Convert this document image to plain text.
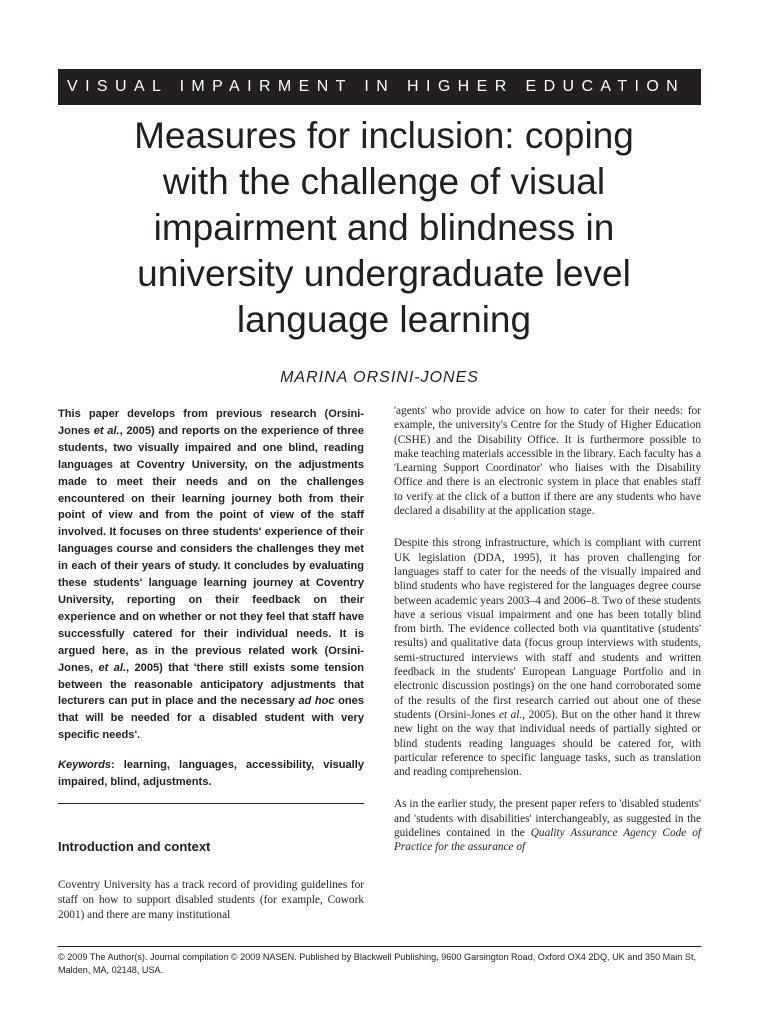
VISUAL IMPAIRMENT IN HIGHER EDUCATION
Measures for inclusion: coping
with the challenge of visual
impairment and blindness in
university undergraduate level
language learning
MARINA ORSINI-JONES

This paper develops from previous research (Orsini-Jones et al., 2005) and reports on the experience of three students, two visually impaired and one blind, reading languages at Coventry University, on the adjustments made to meet their needs and on the challenges encountered on their learning journey both from their point of view and from the point of view of the staff involved. It focuses on three students' experience of their languages course and considers the challenges they met in each of their years of study. It concludes by evaluating these students' language learning journey at Coventry University, reporting on their feedback on their experience and on whether or not they feel that staff have successfully catered for their individual needs. It is argued here, as in the previous related work (Orsini-Jones, et al., 2005) that 'there still exists some tension between the reasonable anticipatory adjustments that lecturers can put in place and the necessary ad hoc ones that will be needed for a disabled student with very specific needs'.

Keywords: learning, languages, accessibility, visually impaired, blind, adjustments.

Introduction and context

Coventry University has a track record of providing guidelines for staff on how to support disabled students (for example, Cowork 2001) and there are many institutional

'agents' who provide advice on how to cater for their needs: for example, the university's Centre for the Study of Higher Education (CSHE) and the Disability Office. It is furthermore possible to make teaching materials accessible in the library. Each faculty has a 'Learning Support Coordinator' who liaises with the Disability Office and there is an electronic system in place that enables staff to verify at the click of a button if there are any students who have declared a disability at the application stage.

Despite this strong infrastructure, which is compliant with current UK legislation (DDA, 1995), it has proven challenging for languages staff to cater for the needs of the visually impaired and blind students who have registered for the languages degree course between academic years 2003–4 and 2006–8. Two of these students have a serious visual impairment and one has been totally blind from birth. The evidence collected both via quantitative (students' results) and qualitative data (focus group interviews with students, semi-structured interviews with staff and students and written feedback in the students' European Language Portfolio and in electronic discussion postings) on the one hand corroborated some of the results of the first research carried out about one of these students (Orsini-Jones et al., 2005). But on the other hand it threw new light on the way that individual needs of partially sighted or blind students reading languages should be catered for, with particular reference to specific language tasks, such as translation and reading comprehension.

As in the earlier study, the present paper refers to 'disabled students' and 'students with disabilities' interchangeably, as suggested in the guidelines contained in the Quality Assurance Agency Code of Practice for the assurance of

© 2009 The Author(s). Journal compilation © 2009 NASEN. Published by Blackwell Publishing, 9600 Garsington Road, Oxford OX4 2DQ, UK and 350 Main St, Malden, MA, 02148, USA.
